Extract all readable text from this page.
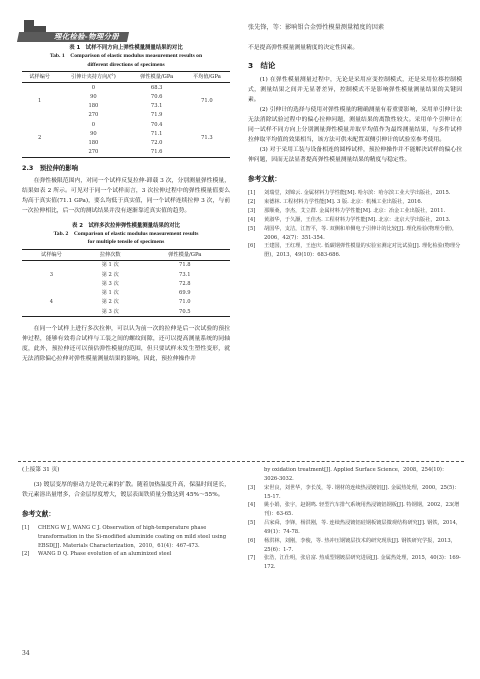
理化检验-物理分册
张先锋，等：影响钼合金弹性模量测量精度的因素
表 1　试样不同方向上弹性模量测量结果的对比
Tab. 1　Comparison of elastic modulus measurement results on
different directions of specimens
试样编号	引伸计夹持方向/(°)	弹性模量/GPa	平均值/GPa
1	0	68.3	71.0
	90	70.6	
	180	73.1	
	270	71.9	
2	0	70.4	71.3
	90	71.1	
	180	72.0	
	270	71.6	
2.3　预拉伸的影响

在弹性极限范围内，对同一个试样反复拉伸-卸载 3 次，分别测量弹性模量，结果如表 2 所示。可见对于同一个试样而言，3 次拉伸过程中的弹性模量值要么均高于真实值(71.1 GPa)，要么均低于真实值，同一个试样连续拉伸 3 次，与前一次拉伸相比，后一次的测试结果并没有逐渐靠近真实值的趋势。

表 2　试样多次拉伸弹性模量测量结果的对比
Tab. 2　Comparison of elastic modulus measurement results
for multiple tensile of specimens
试样编号	拉伸次数	弹性模量/GPa
3	第 1 次	71.8
	第 2 次	73.1
	第 3 次	72.8
4	第 1 次	69.9
	第 2 次	71.0
	第 3 次	70.5

在同一个试样上进行多次拉伸，可以认为前一次的拉伸是后一次试验的预拉伸过程，能够有效将合试样与工装之间的螺纹间隙，还可以提高测量系统的同轴度，此外，预拉伸还可以预估弹性模量的范围，但只要试样未发生塑性变形，就无法消除偏心拉伸对弹性模量测量结果的影响，因此，预拉伸操作并

不是提高弹性模量测量精度的决定性因素。

3　结论

(1) 在弹性模量测量过程中，无论是采用应变控制模式，还是采用位移控制模式，测量结果之间并无显著差异，控制模式不是影响弹性模量测量结果的关键因素。

(2) 引伸计的选择与使用对弹性模量的精确测量有着重要影响，采用单引伸计法无法消除试验过程中的偏心拉伸问题，测量结果的离散性较大。采用单个引伸计在同一试样不同方向上分别测量弹性模量并取平均值作为最终测量结果，与多件试样拉伸取平均值的效果相当，该方法可供未配置双侧引伸计的试验室参考使用。

(3) 对于采用工装与设备相连的圆棒试样，预拉伸操作并不能解决试样的偏心拉伸问题，因而无法显著提高弹性模量测量结果的精度与稳定性。

参考文献：
[1]	刘瑞堂，刘锦云. 金属材料力学性能[M]. 哈尔滨：哈尔滨工业大学出版社，2015.
[2]	束德林. 工程材料力学性能[M]. 3 版. 北京：机械工业出版社，2016.
[3]	那顺桑，李杰，艾立群. 金属材料力学性能[M]. 北京：冶金工业出版社，2011.
[4]	黄淑华，于久灏，王佳杰. 工程材料力学性能[M]. 北京：北京大学出版社，2013.
[5]	胡国华，支洁，江智平，等. 双侧和单侧电子引伸计的比较[J]. 理化检验(物理分册)，2006，42(7)：351-354.
[6]	王建国，王红理，王连庆. 低碳钢弹性模量的实验室测定对比试验[J]. 理化检验(物理分册)，2013，49(10)：683-686.
(上接第 31 页)

(3) 镀层变厚的驱动力是铁元素的扩散。随着加热温度升高，保温时间延长，铁元素溶出量增多，合金层厚度增大，镀层表面铁质量分数达到 45%～55%。

参考文献：
[1]	CHENG W J, WANG C J. Observation of high-temperature phase transformation in the Si-modified aluminide coating on mild steel using EBSD[J]. Materials Characterization，2010，61(4)：467-473.
[2]	WANG D Q. Phase evolution of an aluminized steel
by oxidation treatment[J]. Applied Surface Science，2008，254(10)：3026-3032.
[3]	宋世良，刘世华，李长茂，等. 钢材的连续热浸镀铝[J]. 金属热处理，2000，25(5)：15-17.
[4]	姚小娟，张宇，赵钢鸣. 轻型汽车排气系统用热浸镀铝钢板[J]. 特钢钢，2002，23(增刊)：63-65.
[5]	吕家舜，李锋，杨洪刚，等. 连续热浸镀铝硅钢板镀层微观结构研究[J]. 钢铁，2014，49(1)：74-78.
[6]	杨洪林，刘刚，李俊，等. 热冲压钢镀层技术的研究现状[J]. 钢铁研究学报，2013，25(6)：1-7.
[7]	张浩，江仕明，张启富. 热成型钢镀层研究进展[J]. 金属热处理，2015，40(3)：169-172.
34
